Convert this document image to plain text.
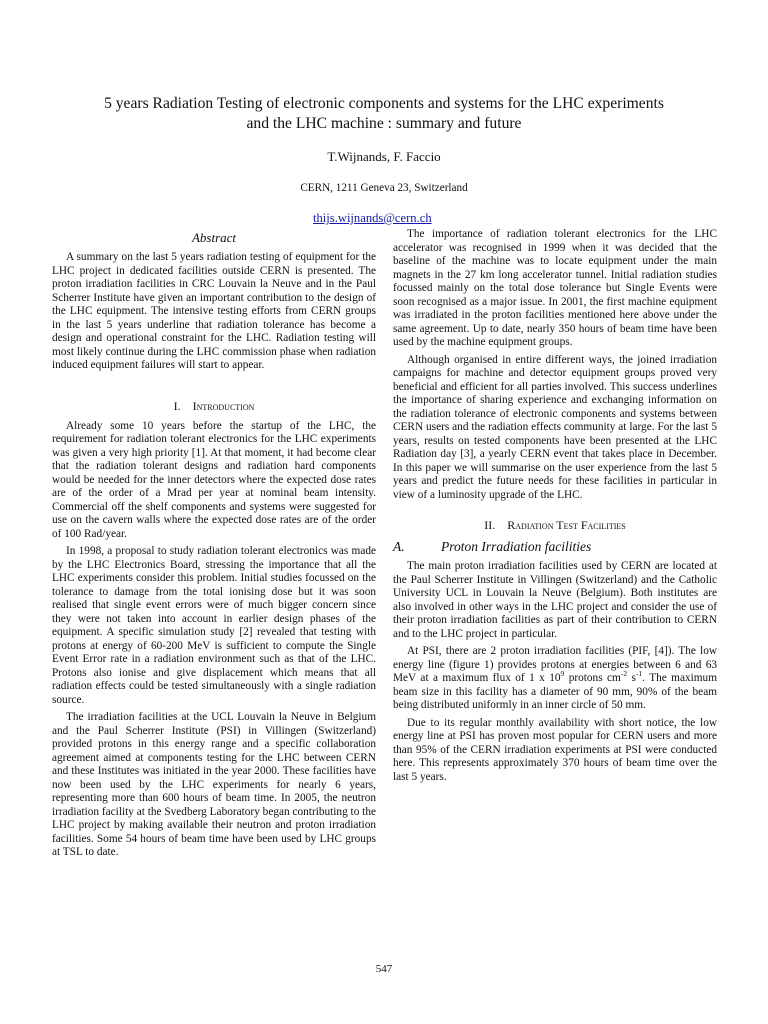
5 years Radiation Testing of electronic components and systems for the LHC experiments
and the LHC machine : summary and future
T.Wijnands, F. Faccio
CERN, 1211 Geneva 23, Switzerland
thijs.wijnands@cern.ch
Abstract

A summary on the last 5 years radiation testing of equipment for the LHC project in dedicated facilities outside CERN is presented. The proton irradiation facilities in CRC Louvain la Neuve and in the Paul Scherrer Institute have given an important contribution to the design of the LHC equipment. The intensive testing efforts from CERN groups in the last 5 years underline that radiation tolerance has become a design and operational constraint for the LHC. Radiation testing will most likely continue during the LHC commission phase when radiation induced equipment failures will start to appear.

I. Introduction

Already some 10 years before the startup of the LHC, the requirement for radiation tolerant electronics for the LHC experiments was given a very high priority [1]. At that moment, it had become clear that the radiation tolerant designs and radiation hard components would be needed for the inner detectors where the expected dose rates are of the order of a Mrad per year at nominal beam intensity. Commercial off the shelf components and systems were suggested for use on the cavern walls where the expected dose rates are of the order of 100 Rad/year.

In 1998, a proposal to study radiation tolerant electronics was made by the LHC Electronics Board, stressing the importance that all the LHC experiments consider this problem. Initial studies focussed on the tolerance to damage from the total ionising dose but it was soon realised that single event errors were of much bigger concern since they were not taken into account in earlier design phases of the equipment. A specific simulation study [2] revealed that testing with protons at energy of 60-200 MeV is sufficient to compute the Single Event Error rate in a radiation environment such as that of the LHC. Protons also ionise and give displacement which means that all radiation effects could be tested simultaneously with a single radiation source.

The irradiation facilities at the UCL Louvain la Neuve in Belgium and the Paul Scherrer Institute (PSI) in Villingen (Switzerland) provided protons in this energy range and a specific collaboration agreement aimed at components testing for the LHC between CERN and these Institutes was initiated in the year 2000. These facilities have now been used by the LHC experiments for nearly 6 years, representing more than 600 hours of beam time. In 2005, the neutron irradiation facility at the Svedberg Laboratory began contributing to the LHC project by making available their neutron and proton irradiation facilities. Some 54 hours of beam time have been used by LHC groups at TSL to date.

The importance of radiation tolerant electronics for the LHC accelerator was recognised in 1999 when it was decided that the baseline of the machine was to locate equipment under the main magnets in the 27 km long accelerator tunnel. Initial radiation studies focussed mainly on the total dose tolerance but Single Events were soon recognised as a major issue. In 2001, the first machine equipment was irradiated in the proton facilities mentioned here above under the same agreement. Up to date, nearly 350 hours of beam time have been used by the machine equipment groups.

Although organised in entire different ways, the joined irradiation campaigns for machine and detector equipment groups proved very beneficial and efficient for all parties involved. This success underlines the importance of sharing experience and exchanging information on the radiation tolerance of electronic components and systems between CERN users and the radiation effects community at large. For the last 5 years, results on tested components have been presented at the LHC Radiation day [3], a yearly CERN event that takes place in December. In this paper we will summarise on the user experience from the last 5 years and predict the future needs for these facilities in particular in view of a luminosity upgrade of the LHC.

II. Radiation Test Facilities
A.	Proton Irradiation facilities

The main proton irradiation facilities used by CERN are located at the Paul Scherrer Institute in Villingen (Switzerland) and the Catholic University UCL in Louvain la Neuve (Belgium). Both institutes are also involved in other ways in the LHC project and consider the use of their proton irradiation facilities as part of their contribution to CERN and to the LHC project in particular.

At PSI, there are 2 proton irradiation facilities (PIF, [4]). The low energy line (figure 1) provides protons at energies between 6 and 63 MeV at a maximum flux of 1 x $10^9$ protons $cm^{-2}$ $s^{-1}$. The maximum beam size in this facility has a diameter of 90 mm, 90% of the beam being distributed uniformly in an inner circle of 50 mm.

Due to its regular monthly availability with short notice, the low energy line at PSI has proven most popular for CERN users and more than 95% of the CERN irradiation experiments at PSI were conducted here. This represents approximately 370 hours of beam time over the last 5 years.

547
